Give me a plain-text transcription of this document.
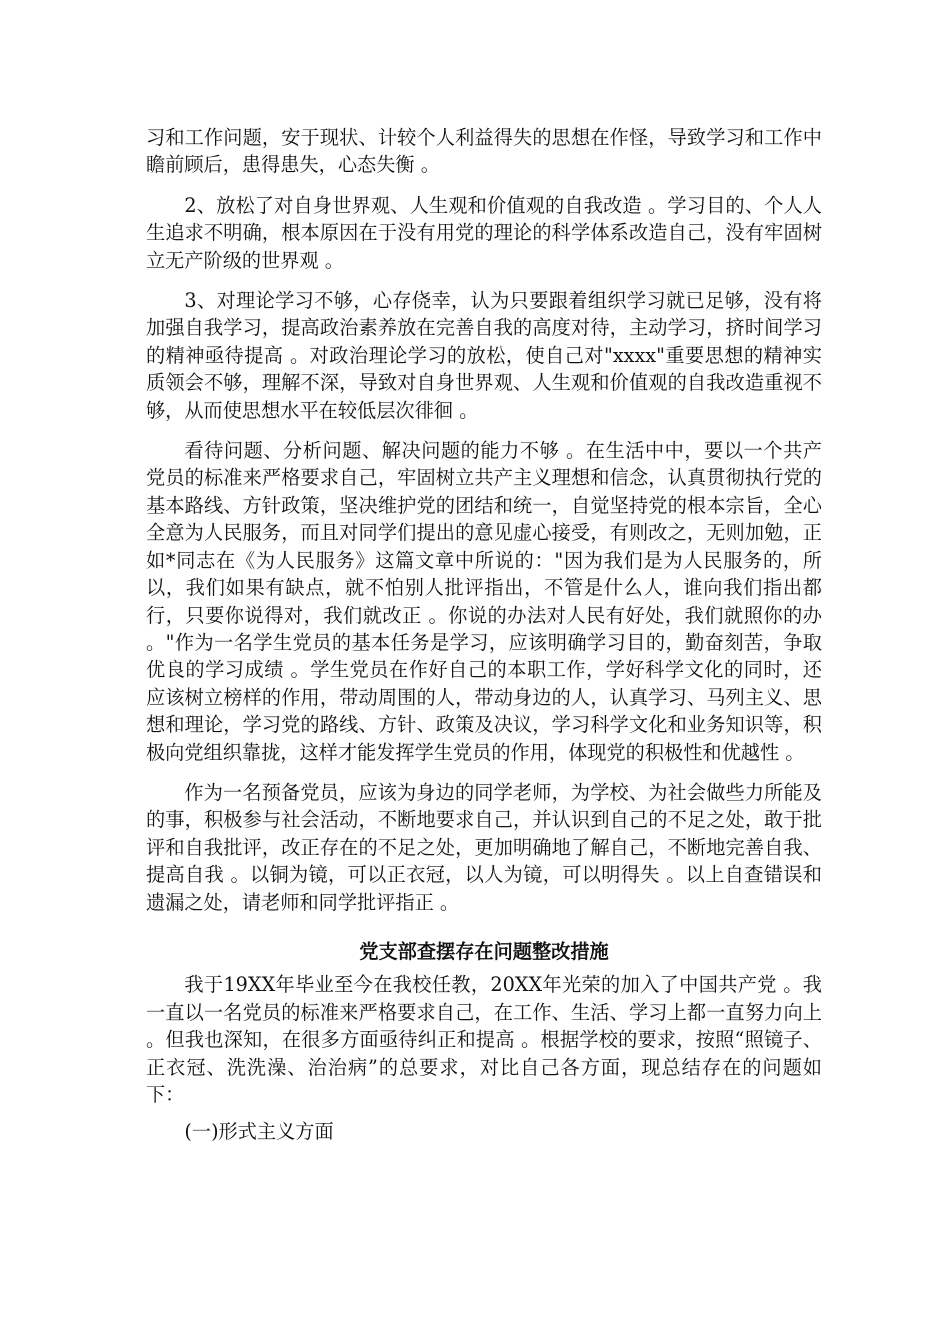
习和工作问题，安于现状、计较个人利益得失的思想在作怪，导致学习和工作中瞻前顾后，患得患失，心态失衡 。

2、放松了对自身世界观、人生观和价值观的自我改造 。学习目的、个人人生追求不明确，根本原因在于没有用党的理论的科学体系改造自己，没有牢固树立无产阶级的世界观 。

3、对理论学习不够，心存侥幸，认为只要跟着组织学习就已足够，没有将加强自我学习，提高政治素养放在完善自我的高度对待，主动学习，挤时间学习的精神亟待提高 。对政治理论学习的放松，使自己对"xxxx"重要思想的精神实质领会不够，理解不深，导致对自身世界观、人生观和价值观的自我改造重视不够，从而使思想水平在较低层次徘徊 。

看待问题、分析问题、解决问题的能力不够 。在生活中中，要以一个共产党员的标准来严格要求自己，牢固树立共产主义理想和信念，认真贯彻执行党的基本路线、方针政策，坚决维护党的团结和统一，自觉坚持党的根本宗旨，全心全意为人民服务，而且对同学们提出的意见虚心接受，有则改之，无则加勉，正如*同志在《为人民服务》这篇文章中所说的："因为我们是为人民服务的，所以，我们如果有缺点，就不怕别人批评指出，不管是什么人，谁向我们指出都行，只要你说得对，我们就改正 。你说的办法对人民有好处，我们就照你的办 。"作为一名学生党员的基本任务是学习，应该明确学习目的，勤奋刻苦，争取优良的学习成绩 。学生党员在作好自己的本职工作，学好科学文化的同时，还应该树立榜样的作用，带动周围的人，带动身边的人，认真学习、马列主义、思想和理论，学习党的路线、方针、政策及决议，学习科学文化和业务知识等，积极向党组织靠拢，这样才能发挥学生党员的作用，体现党的积极性和优越性 。

作为一名预备党员，应该为身边的同学老师，为学校、为社会做些力所能及的事，积极参与社会活动，不断地要求自己，并认识到自己的不足之处，敢于批评和自我批评，改正存在的不足之处，更加明确地了解自己，不断地完善自我、提高自我 。以铜为镜，可以正衣冠，以人为镜，可以明得失 。以上自查错误和遗漏之处，请老师和同学批评指正 。

党支部查摆存在问题整改措施

我于19XX年毕业至今在我校任教，20XX年光荣的加入了中国共产党 。我一直以一名党员的标准来严格要求自己，在工作、生活、学习上都一直努力向上 。但我也深知，在很多方面亟待纠正和提高 。根据学校的要求，按照“照镜子、正衣冠、洗洗澡、治治病”的总要求，对比自己各方面，现总结存在的问题如下：

(一)形式主义方面
